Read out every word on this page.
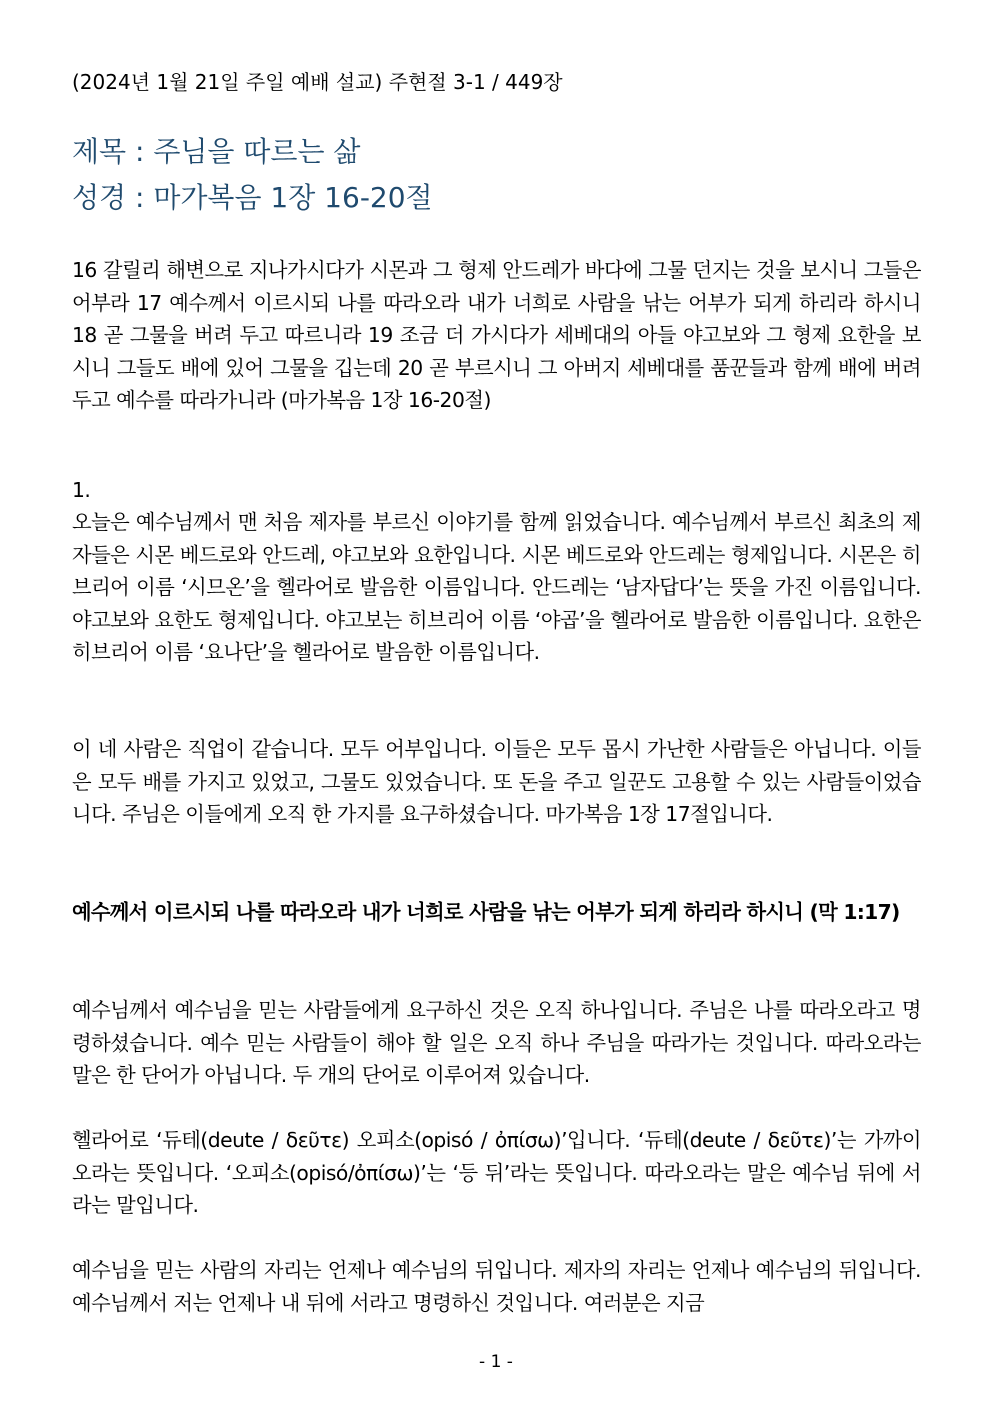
(2024년 1월 21일 주일 예배 설교) 주현절 3-1 / 449장
제목 : 주님을 따르는 삶
성경 : 마가복음 1장 16-20절

16 갈릴리 해변으로 지나가시다가 시몬과 그 형제 안드레가 바다에 그물 던지는 것을 보시니 그들은 어부라 17 예수께서 이르시되 나를 따라오라 내가 너희로 사람을 낚는 어부가 되게 하리라 하시니 18 곧 그물을 버려 두고 따르니라 19 조금 더 가시다가 세베대의 아들 야고보와 그 형제 요한을 보시니 그들도 배에 있어 그물을 깁는데 20 곧 부르시니 그 아버지 세베대를 품꾼들과 함께 배에 버려 두고 예수를 따라가니라 (마가복음 1장 16-20절)

1.

오늘은 예수님께서 맨 처음 제자를 부르신 이야기를 함께 읽었습니다. 예수님께서 부르신 최초의 제자들은 시몬 베드로와 안드레, 야고보와 요한입니다. 시몬 베드로와 안드레는 형제입니다. 시몬은 히브리어 이름 ‘시므온’을 헬라어로 발음한 이름입니다. 안드레는 ‘남자답다’는 뜻을 가진 이름입니다. 야고보와 요한도 형제입니다. 야고보는 히브리어 이름 ‘야곱’을 헬라어로 발음한 이름입니다. 요한은 히브리어 이름 ‘요나단’을 헬라어로 발음한 이름입니다.

이 네 사람은 직업이 같습니다. 모두 어부입니다. 이들은 모두 몹시 가난한 사람들은 아닙니다. 이들은 모두 배를 가지고 있었고, 그물도 있었습니다. 또 돈을 주고 일꾼도 고용할 수 있는 사람들이었습니다. 주님은 이들에게 오직 한 가지를 요구하셨습니다. 마가복음 1장 17절입니다.

예수께서 이르시되 나를 따라오라 내가 너희로 사람을 낚는 어부가 되게 하리라 하시니 (막 1:17)

예수님께서 예수님을 믿는 사람들에게 요구하신 것은 오직 하나입니다. 주님은 나를 따라오라고 명령하셨습니다. 예수 믿는 사람들이 해야 할 일은 오직 하나 주님을 따라가는 것입니다. 따라오라는 말은 한 단어가 아닙니다. 두 개의 단어로 이루어져 있습니다.

헬라어로 ‘듀테(deute / δεῦτε) 오피소(opisó / ὀπίσω)’입니다. ‘듀테(deute / δεῦτε)’는 가까이 오라는 뜻입니다. ‘오피소(opisó/ὀπίσω)’는 ‘등 뒤’라는 뜻입니다. 따라오라는 말은 예수님 뒤에 서라는 말입니다.

예수님을 믿는 사람의 자리는 언제나 예수님의 뒤입니다. 제자의 자리는 언제나 예수님의 뒤입니다. 예수님께서 저는 언제나 내 뒤에 서라고 명령하신 것입니다. 여러분은 지금

- 1 -
